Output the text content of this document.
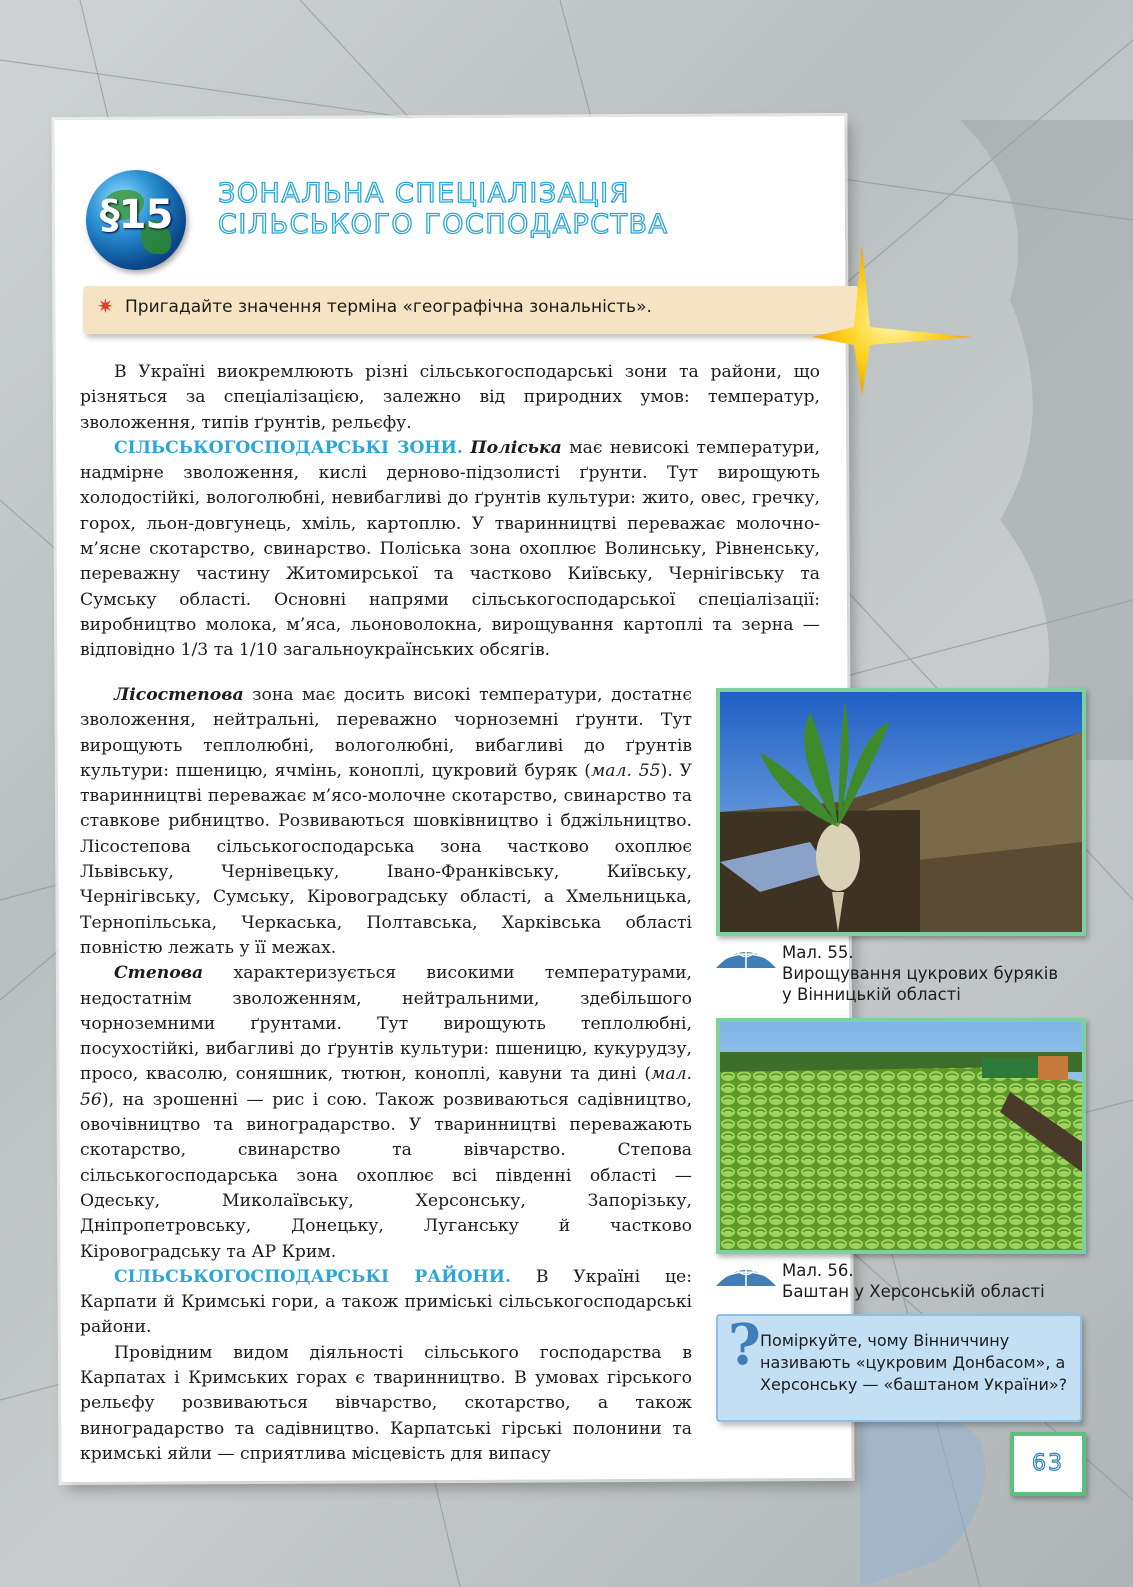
§15	ЗОНАЛЬНА СПЕЦІАЛІЗАЦІЯ
СІЛЬСЬКОГО ГОСПОДАРСТВА
✷ Пригадайте значення терміна «географічна зональність».

В Україні виокремлюють різні сільськогосподарські зони та райони, що різняться за спеціалізацією, залежно від природних умов: температур, зволоження, типів ґрунтів, рельєфу.

СІЛЬСЬКОГОСПОДАРСЬКІ ЗОНИ. Поліська має невисокі температури, надмірне зволоження, кислі дерново-підзолисті ґрунти. Тут вирощують холодостійкі, вологолюбні, невибагливі до ґрунтів культури: жито, овес, гречку, горох, льон-довгунець, хміль, картоплю. У тваринництві переважає молочно-м’ясне скотарство, свинарство. Поліська зона охоплює Волинську, Рівненську, переважну частину Житомирської та частково Київську, Чернігівську та Сумську області. Основні напрями сільськогосподарської спеціалізації: виробництво молока, м’яса, льоноволокна, вирощування картоплі та зерна — відповідно 1/3 та 1/10 загальноукраїнських обсягів.

Лісостепова зона має досить високі температури, достатнє зволоження, нейтральні, переважно чорноземні ґрунти. Тут вирощують теплолюбні, вологолюбні, вибагливі до ґрунтів культури: пшеницю, ячмінь, коноплі, цукровий буряк (мал. 55). У тваринництві переважає м’ясо-молочне скотарство, свинарство та ставкове рибництво. Розвиваються шовківництво і бджільництво. Лісостепова сільськогосподарська зона частково охоплює Львівську, Чернівецьку, Івано-Франківську, Київську, Чернігівську, Сумську, Кіровоградську області, а Хмельницька, Тернопільська, Черкаська, Полтавська, Харківська області повністю лежать у її межах.

Степова характеризується високими температурами, недостатнім зволоженням, нейтральними, здебільшого чорноземними ґрунтами. Тут вирощують теплолюбні, посухостійкі, вибагливі до ґрунтів культури: пшеницю, кукурудзу, просо, квасолю, соняшник, тютюн, коноплі, кавуни та дині (мал. 56), на зрошенні — рис і сою. Також розвиваються садівництво, овочівництво та виноградарство. У тваринництві переважають скотарство, свинарство та вівчарство. Степова сільськогосподарська зона охоплює всі південні області — Одеську, Миколаївську, Херсонську, Запорізьку, Дніпропетровську, Донецьку, Луганську й частково Кіровоградську та АР Крим.

СІЛЬСЬКОГОСПОДАРСЬКІ РАЙОНИ. В Україні це: Карпати й Кримські гори, а також приміські сільськогосподарські райони.

Провідним видом діяльності сільського господарства в Карпатах і Кримських горах є тваринництво. В умовах гірського рельєфу розвиваються вівчарство, скотарство, а також виноградарство та садівництво. Карпатські гірські полонини та кримські яйли — сприятлива місцевість для випасу

Мал. 55.
Вирощування цукрових буряків
у Вінницькій області
Мал. 56.
Баштан у Херсонській області
? Поміркуйте, чому Вінниччину називають «цукровим Донбасом», а Херсонську — «баштаном України»?
63
